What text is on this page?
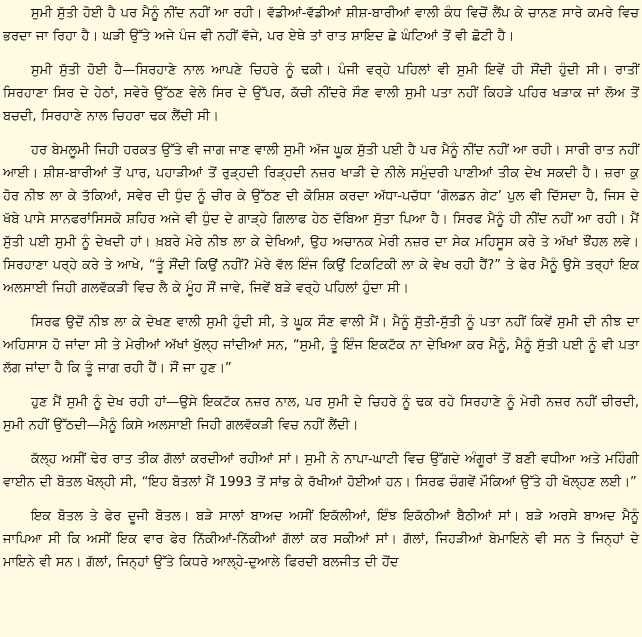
ਸੁਮੀ ਸੁੱਤੀ ਹੋਈ ਹੈ ਪਰ ਮੈਨੂੰ ਨੀਂਦ ਨਹੀਂ ਆ ਰਹੀ। ਵੱਡੀਆਂ-ਵੱਡੀਆਂ ਸ਼ੀਸ਼-ਬਾਰੀਆਂ ਵਾਲੀ ਕੰਧ ਵਿਚੋਂ ਲੈਂਪ ਕੇ ਚਾਨਣ ਸਾਰੇ ਕਮਰੇ ਵਿਚ ਭਰਦਾ ਜਾ ਰਿਹਾ ਹੈ। ਘੜੀ ਉੱਤੇ ਅਜੇ ਪੰਜ ਵੀ ਨਹੀਂ ਵੱਜੇ, ਪਰ ਏਥੇ ਤਾਂ ਰਾਤ ਸ਼ਾਇਦ ਛੇ ਘੰਟਿਆਂ ਤੋਂ ਵੀ ਛੋਟੀ ਹੈ।

ਸੁਮੀ ਸੁੱਤੀ ਹੋਈ ਹੈ—ਸਿਰਹਾਣੇ ਨਾਲ ਆਪਣੇ ਚਿਹਰੇ ਨੂੰ ਢਕੀ। ਪੰਜੀ ਵਰ੍ਹੇ ਪਹਿਲਾਂ ਵੀ ਸੁਮੀ ਇਵੇਂ ਹੀ ਸੌਂਦੀ ਹੁੰਦੀ ਸੀ। ਰਾਤੀਂ ਸਿਰਹਾਣਾ ਸਿਰ ਦੇ ਹੇਠਾਂ, ਸਵੇਰੇ ਉੱਠਣ ਵੇਲੇ ਸਿਰ ਦੇ ਉੱਪਰ, ਕੱਚੀ ਨੀਂਦਰੇ ਸੌਣ ਵਾਲੀ ਸੁਮੀ ਪਤਾ ਨਹੀਂ ਕਿਹੜੇ ਪਹਿਰ ਖੜਾਕ ਜਾਂ ਲੋਅ ਤੋਂ ਬਚਦੀ, ਸਿਰਹਾਣੇ ਨਾਲ ਚਿਹਰਾ ਢਕ ਲੈਂਦੀ ਸੀ।

ਹਰ ਬੇਮਲੂਮੀ ਜਿਹੀ ਹਰਕਤ ਉੱਤੇ ਵੀ ਜਾਗ ਜਾਣ ਵਾਲੀ ਸੁਮੀ ਅੱਜ ਘੂਕ ਸੁੱਤੀ ਪਈ ਹੈ ਪਰ ਮੈਨੂੰ ਨੀਂਦ ਨਹੀਂ ਆ ਰਹੀ। ਸਾਰੀ ਰਾਤ ਨਹੀਂ ਆਈ। ਸ਼ੀਸ਼-ਬਾਰੀਆਂ ਤੋਂ ਪਾਰ, ਪਹਾੜੀਆਂ ਤੋਂ ਰੁੜ੍ਹਦੀ ਰਿੜ੍ਹਦੀ ਨਜ਼ਰ ਖਾੜੀ ਦੇ ਨੀਲੇ ਸਮੁੰਦਰੀ ਪਾਣੀਆਂ ਤੀਕ ਦੇਖ ਸਕਦੀ ਹੈ। ਜ਼ਰਾ ਕੁ ਹੋਰ ਨੀਝ ਲਾ ਕੇ ਤੱਕਿਆਂ, ਸਵੇਰ ਦੀ ਧੁੰਦ ਨੂੰ ਚੀਰ ਕੇ ਉੱਠਣ ਦੀ ਕੋਸ਼ਿਸ਼ ਕਰਦਾ ਅੱਧਾ-ਪਚੱਧਾ ‘ਗੋਲਡਨ ਗੇਟ’ ਪੁਲ ਵੀ ਦਿੱਸਦਾ ਹੈ, ਜਿਸ ਦੇ ਖੱਬੇ ਪਾਸੇ ਸਾਨਫਰਾਂਸਿਸਕੋ ਸ਼ਹਿਰ ਅਜੇ ਵੀ ਧੁੰਦ ਦੇ ਗਾੜ੍ਹੇ ਗਿਲਾਫ ਹੇਠ ਦੱਬਿਆ ਸੁੱਤਾ ਪਿਆ ਹੈ। ਸਿਰਫ ਮੈਨੂੰ ਹੀ ਨੀਂਦ ਨਹੀਂ ਆ ਰਹੀ। ਮੈਂ ਸੁੱਤੀ ਪਈ ਸੁਮੀ ਨੂੰ ਦੇਖਦੀ ਹਾਂ। ਖ਼ਬਰੇ ਮੇਰੇ ਨੀਝ ਲਾ ਕੇ ਦੇਖਿਆਂ, ਉਹ ਅਚਾਨਕ ਮੇਰੀ ਨਜ਼ਰ ਦਾ ਸੇਕ ਮਹਿਸੂਸ ਕਰੇ ਤੇ ਅੱਖਾਂ ਝੌਂਹਲ ਲਵੇ। ਸਿਰਹਾਣਾ ਪਰ੍ਹੇ ਕਰੇ ਤੇ ਆਖੇ, “ਤੂੰ ਸੌਂਦੀ ਕਿਉਂ ਨਹੀਂ? ਮੇਰੇ ਵੱਲ ਇੰਜ ਕਿਉਂ ਟਿਕਟਿਕੀ ਲਾ ਕੇ ਵੇਖ ਰਹੀ ਹੈਂ?” ਤੇ ਫੇਰ ਮੈਨੂੰ ਉਸੇ ਤਰ੍ਹਾਂ ਇਕ ਅਲਸਾਈ ਜਿਹੀ ਗਲਵੱਕੜੀ ਵਿਚ ਲੈ ਕੇ ਮੂੰਹ ਸੌਂ ਜਾਵੇ, ਜਿਵੇਂ ਬੜੇ ਵਰ੍ਹੇ ਪਹਿਲਾਂ ਹੁੰਦਾ ਸੀ।

ਸਿਰਫ ਉਦੋਂ ਨੀਝ ਲਾ ਕੇ ਦੇਖਣ ਵਾਲੀ ਸੁਮੀ ਹੁੰਦੀ ਸੀ, ਤੇ ਘੂਕ ਸੌਣ ਵਾਲੀ ਮੈਂ। ਮੈਨੂੰ ਸੁੱਤੀ-ਸੁੱਤੀ ਨੂੰ ਪਤਾ ਨਹੀਂ ਕਿਵੇਂ ਸੁਮੀ ਦੀ ਨੀਝ ਦਾ ਅਹਿਸਾਸ ਹੋ ਜਾਂਦਾ ਸੀ ਤੇ ਮੇਰੀਆਂ ਅੱਖਾਂ ਖੁੱਲ੍ਹ ਜਾਂਦੀਆਂ ਸਨ, “ਸੁਮੀ, ਤੂੰ ਇੰਜ ਇਕਟੱਕ ਨਾ ਦੇਖਿਆ ਕਰ ਮੈਨੂੰ, ਮੈਨੂੰ ਸੁੱਤੀ ਪਈ ਨੂੰ ਵੀ ਪਤਾ ਲੱਗ ਜਾਂਦਾ ਹੈ ਕਿ ਤੂੰ ਜਾਗ ਰਹੀ ਹੈਂ। ਸੌਂ ਜਾ ਹੁਣ।”

ਹੁਣ ਮੈਂ ਸੁਮੀ ਨੂੰ ਦੇਖ ਰਹੀ ਹਾਂ—ਉਸੇ ਇਕਟੱਕ ਨਜ਼ਰ ਨਾਲ, ਪਰ ਸੁਮੀ ਦੇ ਚਿਹਰੇ ਨੂੰ ਢਕ ਰਹੇ ਸਿਰਹਾਣੇ ਨੂੰ ਮੇਰੀ ਨਜ਼ਰ ਨਹੀਂ ਚੀਰਦੀ, ਸੁਮੀ ਨਹੀਂ ਉੱਠਦੀ—ਮੈਨੂੰ ਕਿਸੇ ਅਲਸਾਈ ਜਿਹੀ ਗਲਵੱਕੜੀ ਵਿਚ ਨਹੀਂ ਲੈਂਦੀ।

ਕੱਲ੍ਹ ਅਸੀਂ ਢੇਰ ਰਾਤ ਤੀਕ ਗੱਲਾਂ ਕਰਦੀਆਂ ਰਹੀਆਂ ਸਾਂ। ਸੁਮੀ ਨੇ ਨਾਪਾ-ਘਾਟੀ ਵਿਚ ਉੱਗਦੇ ਅੰਗੂਰਾਂ ਤੋਂ ਬਣੀ ਵਧੀਆ ਅਤੇ ਮਹਿੰਗੀ ਵਾਈਨ ਦੀ ਬੋਤਲ ਖੋਲ੍ਹੀ ਸੀ, “ਇਹ ਬੋਤਲਾਂ ਮੈਂ 1993 ਤੋਂ ਸਾਂਭ ਕੇ ਰੱਖੀਆਂ ਹੋਈਆਂ ਹਨ। ਸਿਰਫ ਚੰਗਵੇਂ ਮੌਕਿਆਂ ਉੱਤੇ ਹੀ ਖੋਲ੍ਹਣ ਲਈ।”

ਇਕ ਬੋਤਲ ਤੇ ਫੇਰ ਦੂਜੀ ਬੋਤਲ। ਬੜੇ ਸਾਲਾਂ ਬਾਅਦ ਅਸੀਂ ਇਕੱਲੀਆਂ, ਇੰਝ ਇਕੱਠੀਆਂ ਬੈਠੀਆਂ ਸਾਂ। ਬੜੇ ਅਰਸੇ ਬਾਅਦ ਮੈਨੂੰ ਜਾਪਿਆ ਸੀ ਕਿ ਅਸੀਂ ਇਕ ਵਾਰ ਫੇਰ ਨਿੱਕੀਆਂ-ਨਿੱਕੀਆਂ ਗੱਲਾਂ ਕਰ ਸਕੀਆਂ ਸਾਂ। ਗੱਲਾਂ, ਜਿਹੜੀਆਂ ਬੇਮਾਇਨੇ ਵੀ ਸਨ ਤੇ ਜਿਨ੍ਹਾਂ ਦੇ ਮਾਇਨੇ ਵੀ ਸਨ। ਗੱਲਾਂ, ਜਿਨ੍ਹਾਂ ਉੱਤੇ ਕਿਧਰੇ ਆਲ੍ਹੇ-ਦੁਆਲੇ ਫਿਰਦੀ ਬਲਜੀਤ ਦੀ ਹੋਂਦ
